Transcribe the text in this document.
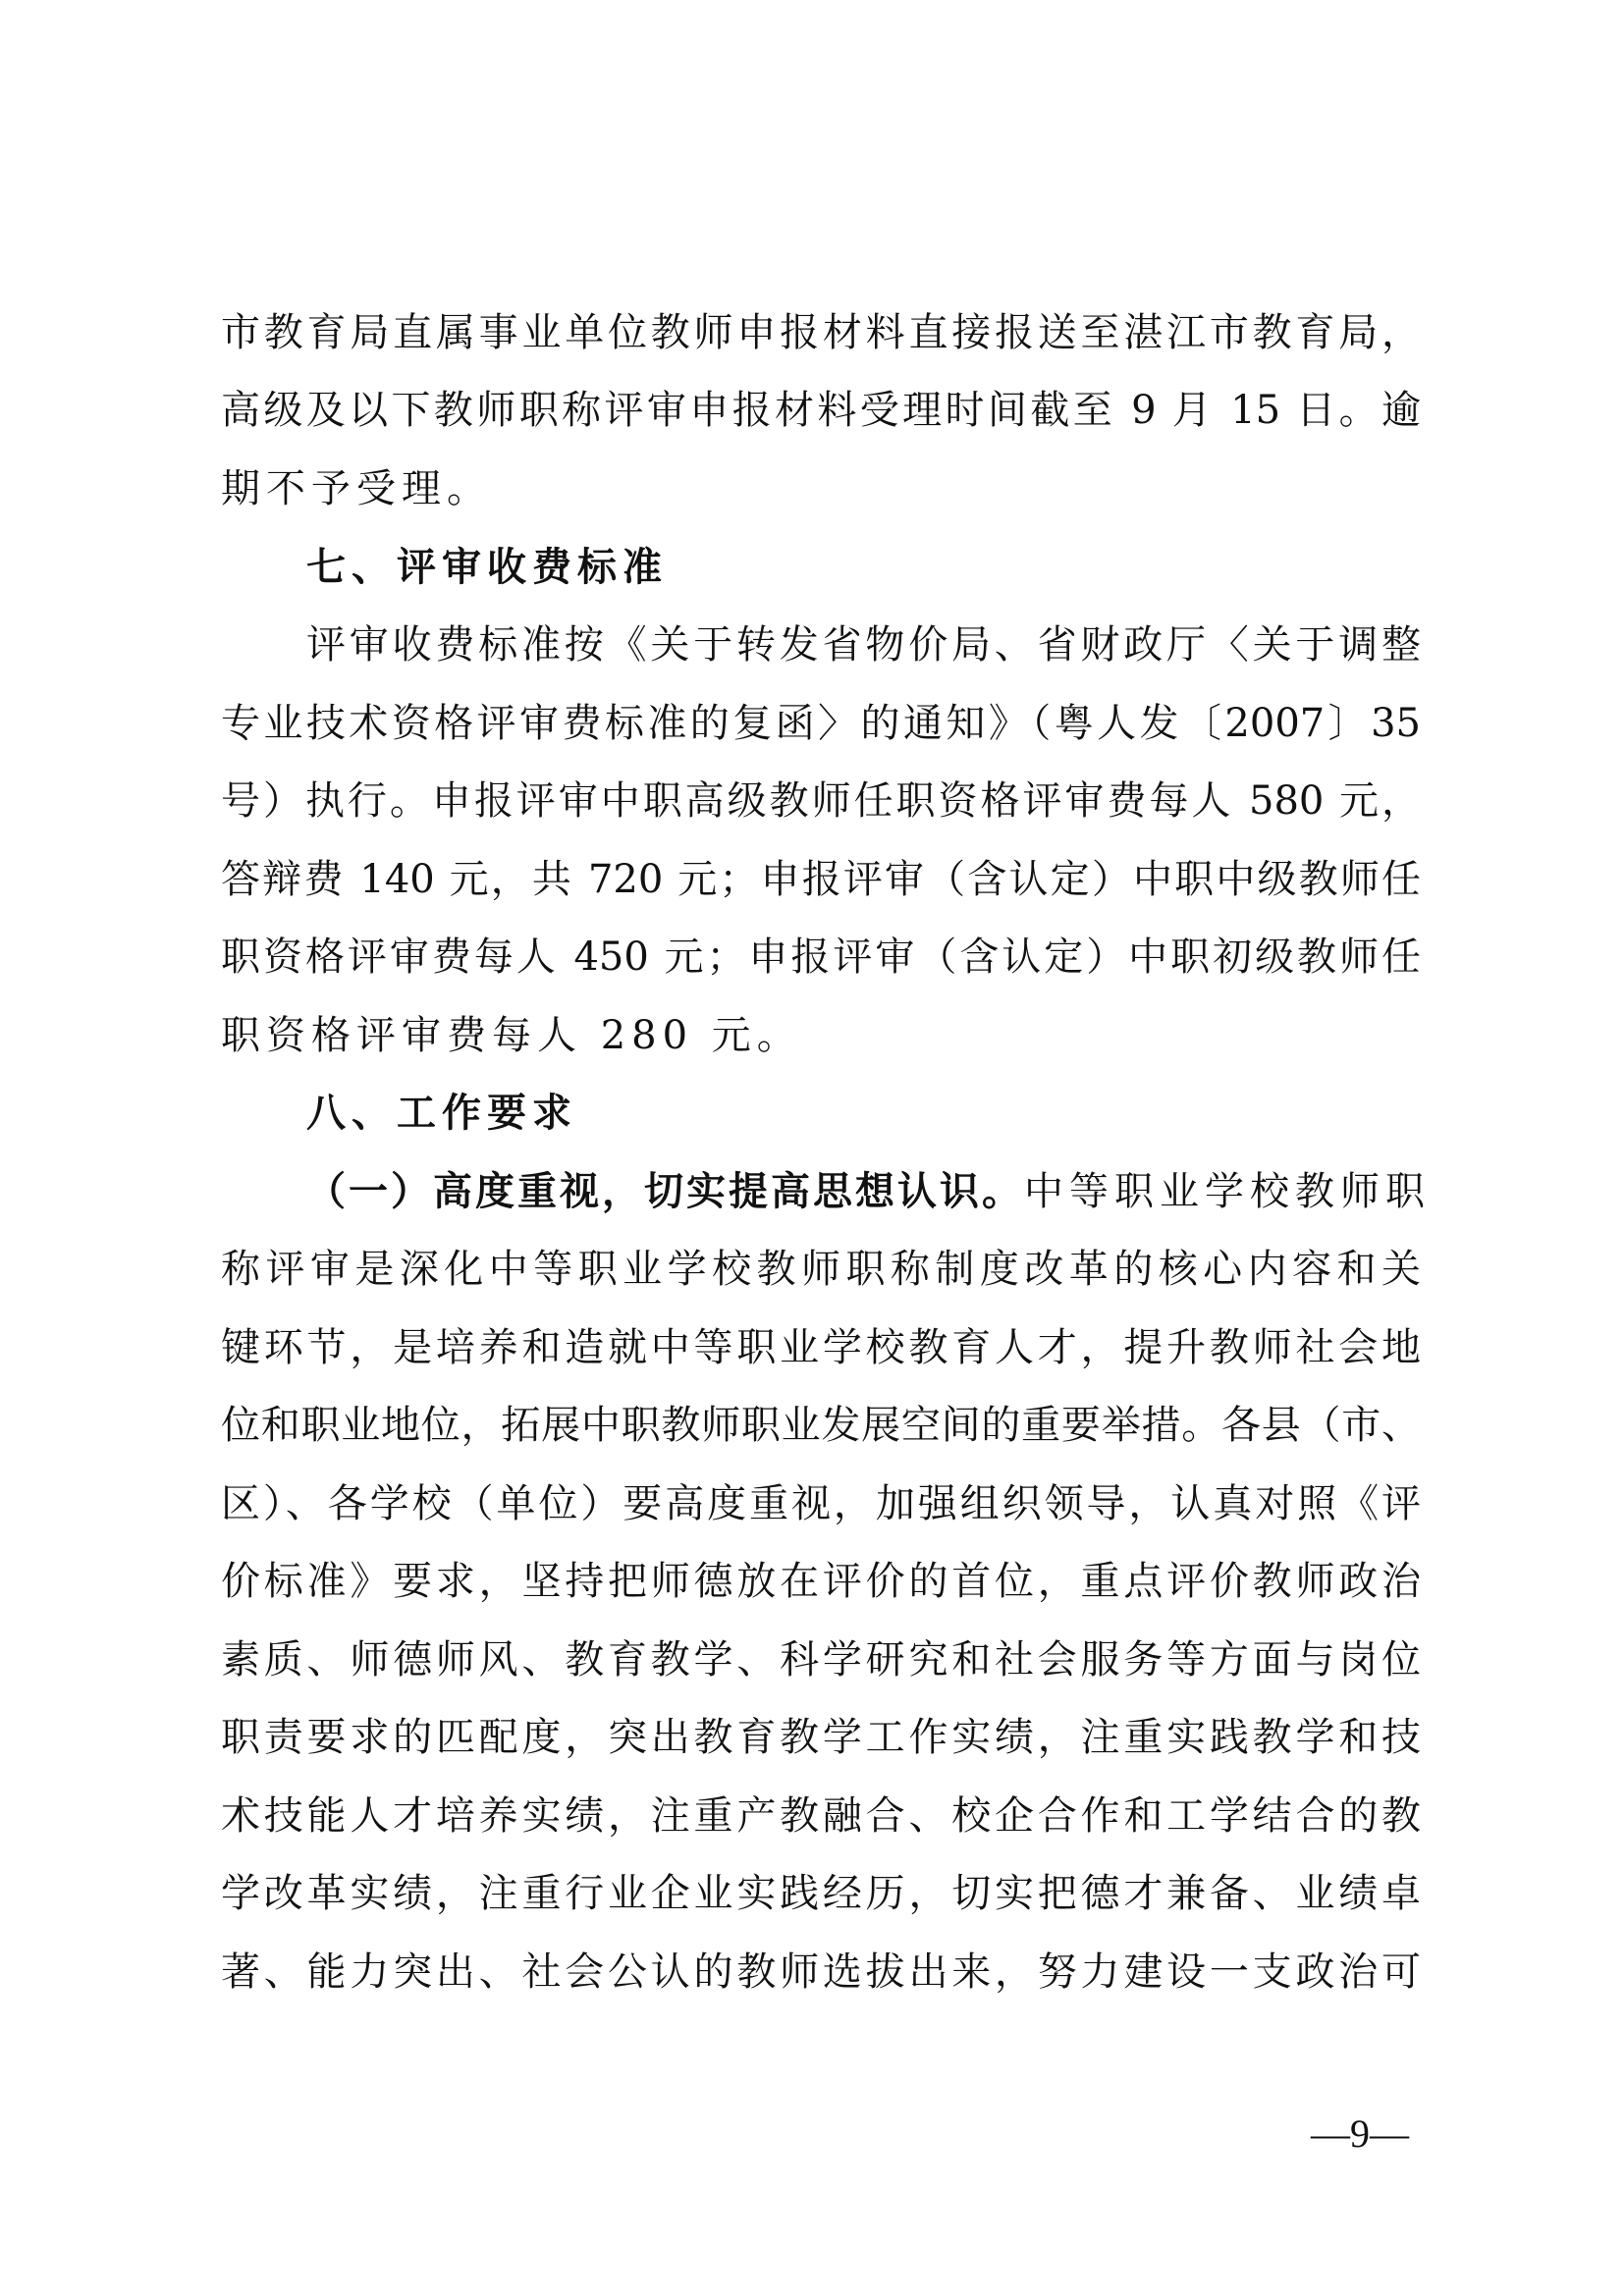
市教育局直属事业单位教师申报材料直接报送至湛江市教育局，
高级及以下教师职称评审申报材料受理时间截至 9 月 15 日。逾
期不予受理。
七、评审收费标准
评审收费标准按《关于转发省物价局、省财政厅〈关于调整
专业技术资格评审费标准的复函〉的通知》（粤人发〔2007〕35
号）执行。申报评审中职高级教师任职资格评审费每人 580 元，
答辩费 140 元，共 720 元；申报评审（含认定）中职中级教师任
职资格评审费每人 450 元；申报评审（含认定）中职初级教师任
职资格评审费每人 280 元。
八、工作要求
（一）高度重视，切实提高思想认识。 中等职业学校教师职
称评审是深化中等职业学校教师职称制度改革的核心内容和关
键环节，是培养和造就中等职业学校教育人才，提升教师社会地
位和职业地位，拓展中职教师职业发展空间的重要举措。各县（市、
区）、各学校（单位）要高度重视，加强组织领导，认真对照《评
价标准》要求，坚持把师德放在评价的首位，重点评价教师政治
素质、师德师风、教育教学、科学研究和社会服务等方面与岗位
职责要求的匹配度，突出教育教学工作实绩，注重实践教学和技
术技能人才培养实绩，注重产教融合、校企合作和工学结合的教
学改革实绩，注重行业企业实践经历，切实把德才兼备、业绩卓
著、能力突出、社会公认的教师选拔出来，努力建设一支政治可
—9—
